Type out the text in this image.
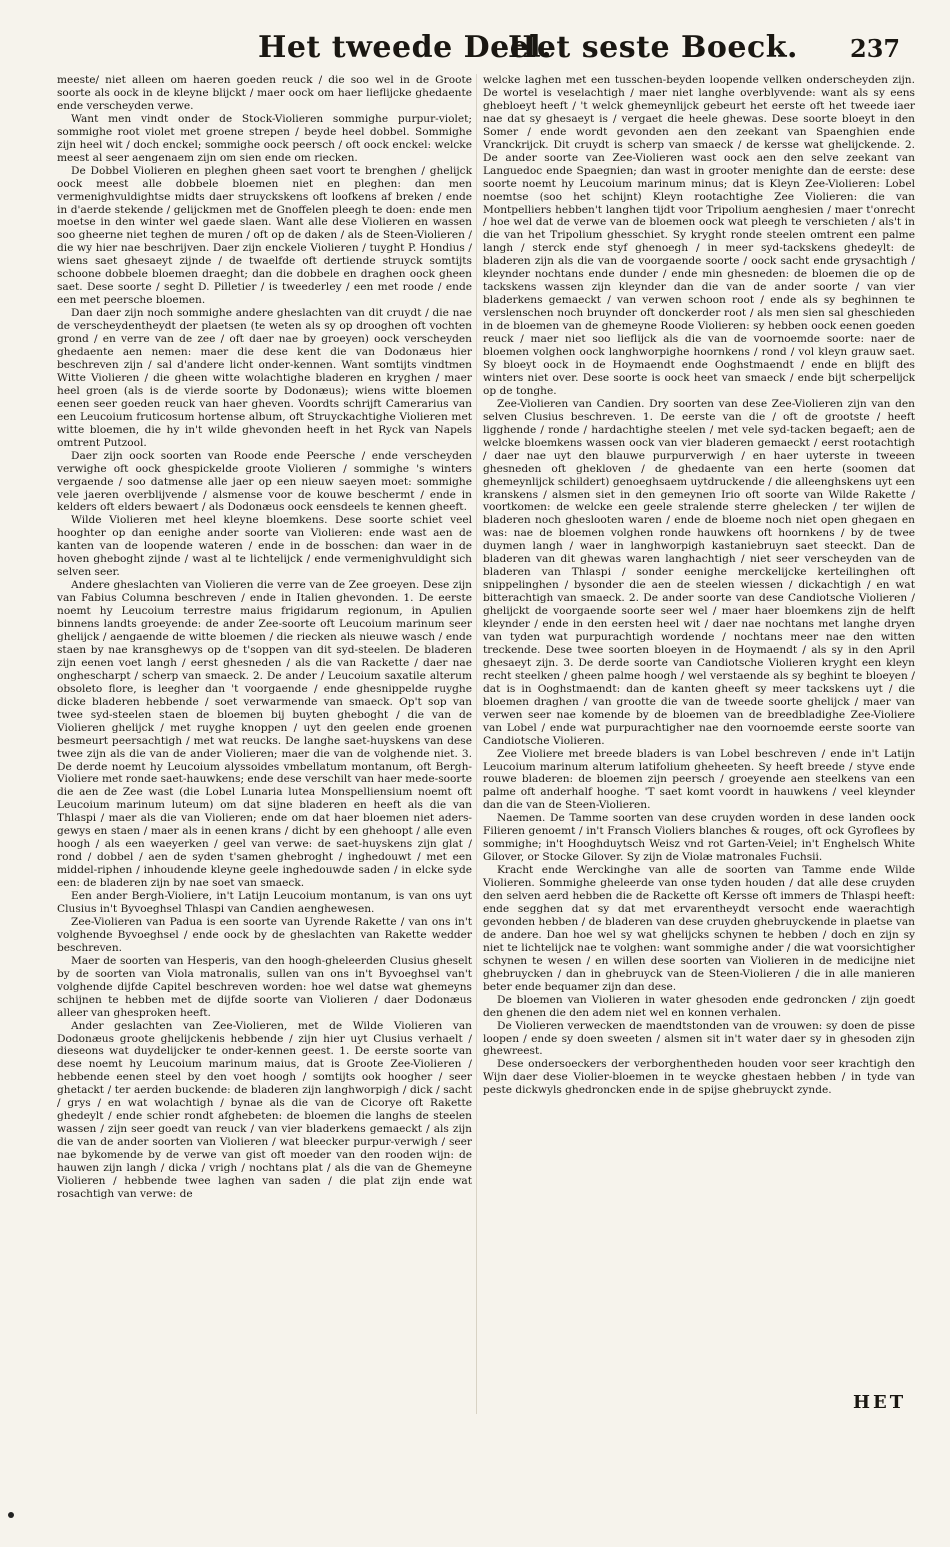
Het tweede Deel.
Het seste Boeck. 237

meeste/ niet alleen om haeren goeden reuck / die soo wel in de Groote soorte als oock in de kleyne blijckt / maer oock om haer lieflijcke ghedaente ende verscheyden verwe.

Want men vindt onder de Stock-Violieren sommighe purpur-violet; sommighe root violet met groene strepen / beyde heel dobbel. Sommighe zijn heel wit / doch enckel; sommighe oock peersch / oft oock enckel: welcke meest al seer aengenaem zijn om sien ende om riecken.

De Dobbel Violieren en pleghen gheen saet voort te brenghen / ghelijck oock meest alle dobbele bloemen niet en pleghen: dan men vermenighvuldightse midts daer struyckskens oft loofkens af breken / ende in d'aerde stekende / gelijckmen met de Gnoffelen pleegh te doen: ende men moetse in den winter wel gaede slaen. Want alle dese Violieren en wassen soo gheerne niet teghen de muren / oft op de daken / als de Steen-Violieren / die wy hier nae beschrijven. Daer zijn enckele Violieren / tuyght P. Hondius / wiens saet ghesaeyt zijnde / de twaelfde oft dertiende struyck somtijts schoone dobbele bloemen draeght; dan die dobbele en draghen oock gheen saet. Dese soorte / seght D. Pilletier / is tweederley / een met roode / ende een met peersche bloemen.

Dan daer zijn noch sommighe andere gheslachten van dit cruydt / die nae de verscheydentheydt der plaetsen (te weten als sy op drooghen oft vochten grond / en verre van de zee / oft daer nae by groeyen) oock verscheyden ghedaente aen nemen: maer die dese kent die van Dodonæus hier beschreven zijn / sal d'andere licht onder-kennen. Want somtijts vindtmen Witte Violieren / die gheen witte wolachtighe bladeren en kryghen / maer heel groen (als is de vierde soorte by Dodonæus); wiens witte bloemen eenen seer goeden reuck van haer gheven. Voordts schrijft Camerarius van een Leucoium fruticosum hortense album, oft Struyckachtighe Violieren met witte bloemen, die hy in't wilde ghevonden heeft in het Ryck van Napels omtrent Putzool.

Daer zijn oock soorten van Roode ende Peersche / ende verscheyden verwighe oft oock ghespickelde groote Violieren / sommighe 's winters vergaende / soo datmense alle jaer op een nieuw saeyen moet: sommighe vele jaeren overblijvende / alsmense voor de kouwe beschermt / ende in kelders oft elders bewaert / als Dodonæus oock eensdeels te kennen gheeft.

Wilde Violieren met heel kleyne bloemkens. Dese soorte schiet veel hooghter op dan eenighe ander soorte van Violieren: ende wast aen de kanten van de loopende wateren / ende in de bosschen: dan waer in de hoven gheboght zijnde / wast al te lichtelijck / ende vermenighvuldight sich selven seer.

Andere gheslachten van Violieren die verre van de Zee groeyen. Dese zijn van Fabius Columna beschreven / ende in Italien ghevonden. 1. De eerste noemt hy Leucoium terrestre maius frigidarum regionum, in Apulien binnens landts groeyende: de ander Zee-soorte oft Leucoium marinum seer ghelijck / aengaende de witte bloemen / die riecken als nieuwe wasch / ende staen by nae kransghewys op de t'soppen van dit syd-steelen. De bladeren zijn eenen voet langh / eerst ghesneden / als die van Rackette / daer nae onghescharpt / scherp van smaeck. 2. De ander / Leucoium saxatile alterum obsoleto flore, is leegher dan 't voorgaende / ende ghesnippelde ruyghe dicke bladeren hebbende / soet verwarmende van smaeck. Op't sop van twee syd-steelen staen de bloemen bij buyten gheboght / die van de Violieren ghelijck / met ruyghe knoppen / uyt den geelen ende groenen besmeurt peersachtigh / met wat reucks. De langhe saet-huyskens van dese twee zijn als die van de ander Violieren; maer die van de volghende niet. 3. De derde noemt hy Leucoium alyssoides vmbellatum montanum, oft Bergh-Violiere met ronde saet-hauwkens; ende dese verschilt van haer mede-soorte die aen de Zee wast (die Lobel Lunaria lutea Monspelliensium noemt oft Leucoium marinum luteum) om dat sijne bladeren en heeft als die van Thlaspi / maer als die van Violieren; ende om dat haer bloemen niet aders-gewys en staen / maer als in eenen krans / dicht by een ghehoopt / alle even hoogh / als een waeyerken / geel van verwe: de saet-huyskens zijn glat / rond / dobbel / aen de syden t'samen ghebroght / inghedouwt / met een middel-riphen / inhoudende kleyne geele inghedouwde saden / in elcke syde een: de bladeren zijn by nae soet van smaeck.

Een ander Bergh-Violiere, in't Latijn Leucoium montanum, is van ons uyt Clusius in't Byvoeghsel Thlaspi van Candien aenghewesen.

Zee-Violieren van Padua is een soorte van Uyrende Rakette / van ons in't volghende Byvoeghsel / ende oock by de gheslachten van Rakette wedder beschreven.

Maer de soorten van Hesperis, van den hoogh-gheleerden Clusius gheselt by de soorten van Viola matronalis, sullen van ons in't Byvoeghsel van't volghende dijfde Capitel beschreven worden: hoe wel datse wat ghemeyns schijnen te hebben met de dijfde soorte van Violieren / daer Dodonæus alleer van ghesproken heeft.

Ander geslachten van Zee-Violieren, met de Wilde Violieren van Dodonæus groote ghelijckenis hebbende / zijn hier uyt Clusius verhaelt / dieseons wat duydelijcker te onder-kennen geest. 1. De eerste soorte van dese noemt hy Leucoium marinum maius, dat is Groote Zee-Violieren / hebbende eenen steel by den voet hoogh / somtijts ook hoogher / seer ghetackt / ter aerden buckende: de bladeren zijn langhworpigh / dick / sacht / grys / en wat wolachtigh / bynae als die van de Cicorye oft Rakette ghedeylt / ende schier rondt afghebeten: de bloemen die langhs de steelen wassen / zijn seer goedt van reuck / van vier bladerkens gemaeckt / als zijn die van de ander soorten van Violieren / wat bleecker purpur-verwigh / seer nae bykomende by de verwe van gist oft moeder van den rooden wijn: de hauwen zijn langh / dicka / vrigh / nochtans plat / als die van de Ghemeyne Violieren / hebbende twee laghen van saden / die plat zijn ende wat rosachtigh van verwe: de

welcke laghen met een tusschen-beyden loopende vellken onderscheyden zijn. De wortel is veselachtigh / maer niet langhe overblyvende: want als sy eens ghebloeyt heeft / 't welck ghemeynlijck gebeurt het eerste oft het tweede iaer nae dat sy ghesaeyt is / vergaet die heele ghewas. Dese soorte bloeyt in den Somer / ende wordt gevonden aen den zeekant van Spaenghien ende Vranckrijck. Dit cruydt is scherp van smaeck / de kersse wat ghelijckende. 2. De ander soorte van Zee-Violieren wast oock aen den selve zeekant van Languedoc ende Spaegnien; dan wast in grooter menighte dan de eerste: dese soorte noemt hy Leucoium marinum minus; dat is Kleyn Zee-Violieren: Lobel noemtse (soo het schijnt) Kleyn rootachtighe Zee Violieren: die van Montpelliers hebben't langhen tijdt voor Tripolium aenghesien / maer t'onrecht / hoe wel dat de verwe van de bloemen oock wat pleegh te verschieten / als't in die van het Tripolium ghesschiet. Sy kryght ronde steelen omtrent een palme langh / sterck ende styf ghenoegh / in meer syd-tackskens ghedeylt: de bladeren zijn als die van de voorgaende soorte / oock sacht ende grysachtigh / kleynder nochtans ende dunder / ende min ghesneden: de bloemen die op de tackskens wassen zijn kleynder dan die van de ander soorte / van vier bladerkens gemaeckt / van verwen schoon root / ende als sy beghinnen te verslenschen noch bruynder oft donckerder root / als men sien sal gheschieden in de bloemen van de ghemeyne Roode Violieren: sy hebben oock eenen goeden reuck / maer niet soo lieflijck als die van de voornoemde soorte: naer de bloemen volghen oock langhworpighe hoornkens / rond / vol kleyn grauw saet. Sy bloeyt oock in de Hoymaendt ende Ooghstmaendt / ende en blijft des winters niet over. Dese soorte is oock heet van smaeck / ende bijt scherpelijck op de tonghe.

Zee-Violieren van Candien. Dry soorten van dese Zee-Violieren zijn van den selven Clusius beschreven. 1. De eerste van die / oft de grootste / heeft ligghende / ronde / hardachtighe steelen / met vele syd-tacken begaeft; aen de welcke bloemkens wassen oock van vier bladeren gemaeckt / eerst rootachtigh / daer nae uyt den blauwe purpurverwigh / en haer uyterste in tweeen ghesneden oft ghekloven / de ghedaente van een herte (soomen dat ghemeynlijck schildert) genoeghsaem uytdruckende / die alleenghskens uyt een kranskens / alsmen siet in den gemeynen Irio oft soorte van Wilde Rakette / voortkomen: de welcke een geele stralende sterre ghelecken / ter wijlen de bladeren noch gheslooten waren / ende de bloeme noch niet open ghegaen en was: nae de bloemen volghen ronde hauwkens oft hoornkens / by de twee duymen langh / waer in langhworpigh kastaniebruyn saet steeckt. Dan de bladeren van dit ghewas waren langhachtigh / niet seer verscheyden van de bladeren van Thlaspi / sonder eenighe merckelijcke kerteilinghen oft snippelinghen / bysonder die aen de steelen wiessen / dickachtigh / en wat bitterachtigh van smaeck. 2. De ander soorte van dese Candiotsche Violieren / ghelijckt de voorgaende soorte seer wel / maer haer bloemkens zijn de helft kleynder / ende in den eersten heel wit / daer nae nochtans met langhe dryen van tyden wat purpurachtigh wordende / nochtans meer nae den witten treckende. Dese twee soorten bloeyen in de Hoymaendt / als sy in den April ghesaeyt zijn. 3. De derde soorte van Candiotsche Violieren kryght een kleyn recht steelken / gheen palme hoogh / wel verstaende als sy beghint te bloeyen / dat is in Ooghstmaendt: dan de kanten gheeft sy meer tackskens uyt / die bloemen draghen / van grootte die van de tweede soorte ghelijck / maer van verwen seer nae komende by de bloemen van de breedbladighe Zee-Violiere van Lobel / ende wat purpurachtigher nae den voornoemde eerste soorte van Candiotsche Violieren.

Zee Violiere met breede bladers is van Lobel beschreven / ende in't Latijn Leucoium marinum alterum latifolium gheheeten. Sy heeft breede / styve ende rouwe bladeren: de bloemen zijn peersch / groeyende aen steelkens van een palme oft anderhalf hooghe. 'T saet komt voordt in hauwkens / veel kleynder dan die van de Steen-Violieren.

Naemen. De Tamme soorten van dese cruyden worden in dese landen oock Filieren genoemt / in't Fransch Violiers blanches & rouges, oft ock Gyroflees by sommighe; in't Hooghduytsch Weisz vnd rot Garten-Veiel; in't Enghelsch White Gilover, or Stocke Gilover. Sy zijn de Violæ matronales Fuchsii.

Kracht ende Werckinghe van alle de soorten van Tamme ende Wilde Violieren. Sommighe gheleerde van onse tyden houden / dat alle dese cruyden den selven aerd hebben die de Rackette oft Kersse oft immers de Thlaspi heeft: ende segghen dat sy dat met ervarentheydt versocht ende waerachtigh gevonden hebben / de bladeren van dese cruyden ghebruyckende in plaetse van de andere. Dan hoe wel sy wat ghelijcks schynen te hebben / doch en zijn sy niet te lichtelijck nae te volghen: want sommighe ander / die wat voorsichtigher schynen te wesen / en willen dese soorten van Violieren in de medicijne niet ghebruycken / dan in ghebruyck van de Steen-Violieren / die in alle manieren beter ende bequamer zijn dan dese.

De bloemen van Violieren in water ghesoden ende gedroncken / zijn goedt den ghenen die den adem niet wel en konnen verhalen.

De Violieren verwecken de maendtstonden van de vrouwen: sy doen de pisse loopen / ende sy doen sweeten / alsmen sit in't water daer sy in ghesoden zijn ghewreest.

Dese ondersoeckers der verborghentheden houden voor seer krachtigh den Wijn daer dese Violier-bloemen in te weycke ghestaen hebben / in tyde van peste dickwyls ghedroncken ende in de spijse ghebruyckt zynde.

HET
